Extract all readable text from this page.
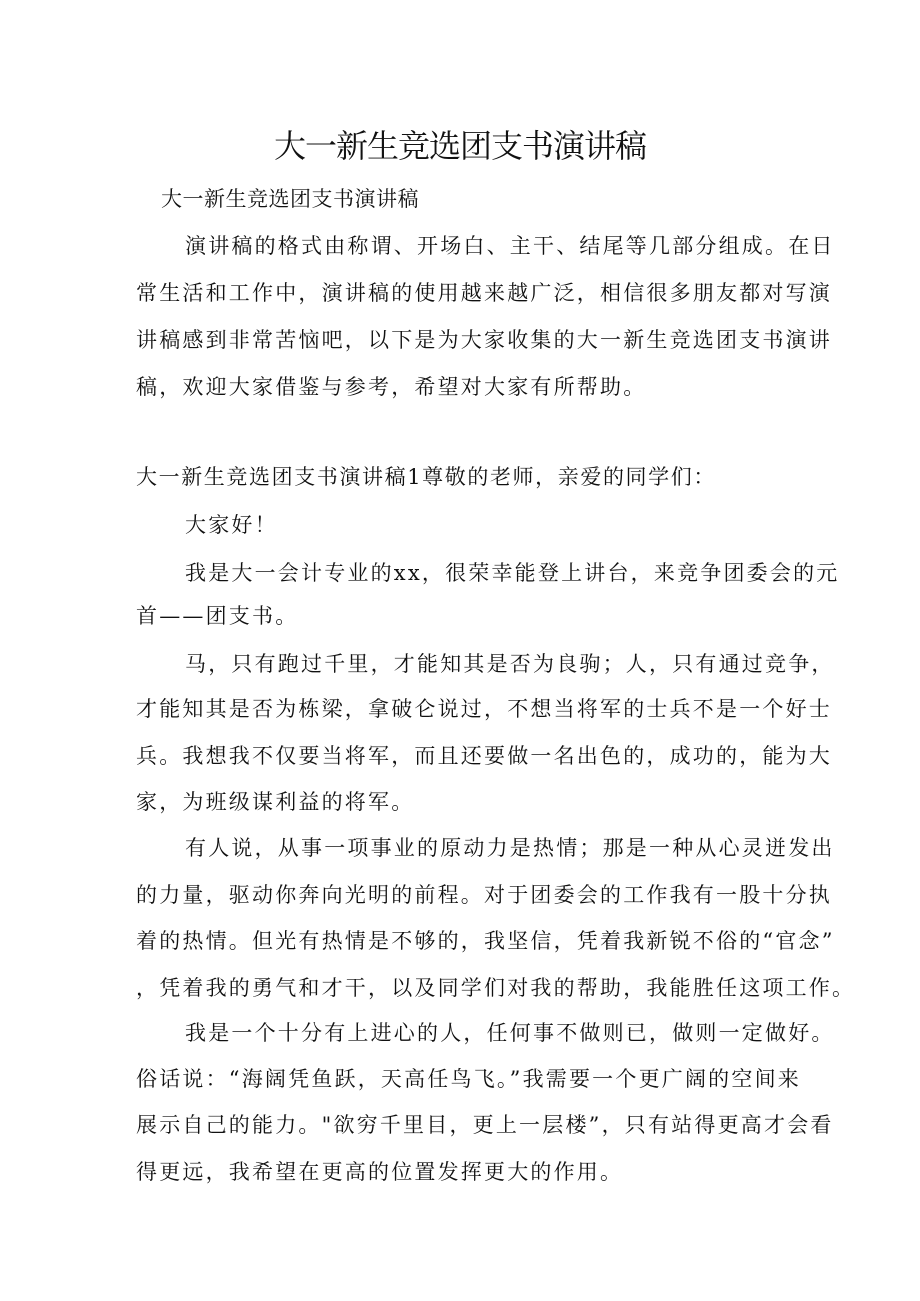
大一新生竞选团支书演讲稿

大一新生竞选团支书演讲稿

演讲稿的格式由称谓、开场白、主干、结尾等几部分组成。在日

常生活和工作中，演讲稿的使用越来越广泛，相信很多朋友都对写演

讲稿感到非常苦恼吧，以下是为大家收集的大一新生竞选团支书演讲

稿，欢迎大家借鉴与参考，希望对大家有所帮助。

大一新生竞选团支书演讲稿1尊敬的老师，亲爱的同学们：

大家好！

我是大一会计专业的xx，很荣幸能登上讲台，来竞争团委会的元

首——团支书。

马，只有跑过千里，才能知其是否为良驹；人，只有通过竞争，

才能知其是否为栋梁，拿破仑说过，不想当将军的士兵不是一个好士

兵。我想我不仅要当将军，而且还要做一名出色的，成功的，能为大

家，为班级谋利益的将军。

有人说，从事一项事业的原动力是热情；那是一种从心灵迸发出

的力量，驱动你奔向光明的前程。对于团委会的工作我有一股十分执

着的热情。但光有热情是不够的，我坚信，凭着我新锐不俗的“官念”

，凭着我的勇气和才干，以及同学们对我的帮助，我能胜任这项工作。

我是一个十分有上进心的人，任何事不做则已，做则一定做好。

俗话说：“海阔凭鱼跃，天高任鸟飞。”我需要一个更广阔的空间来

展示自己的能力。"欲穷千里目，更上一层楼”，只有站得更高才会看

得更远，我希望在更高的位置发挥更大的作用。
